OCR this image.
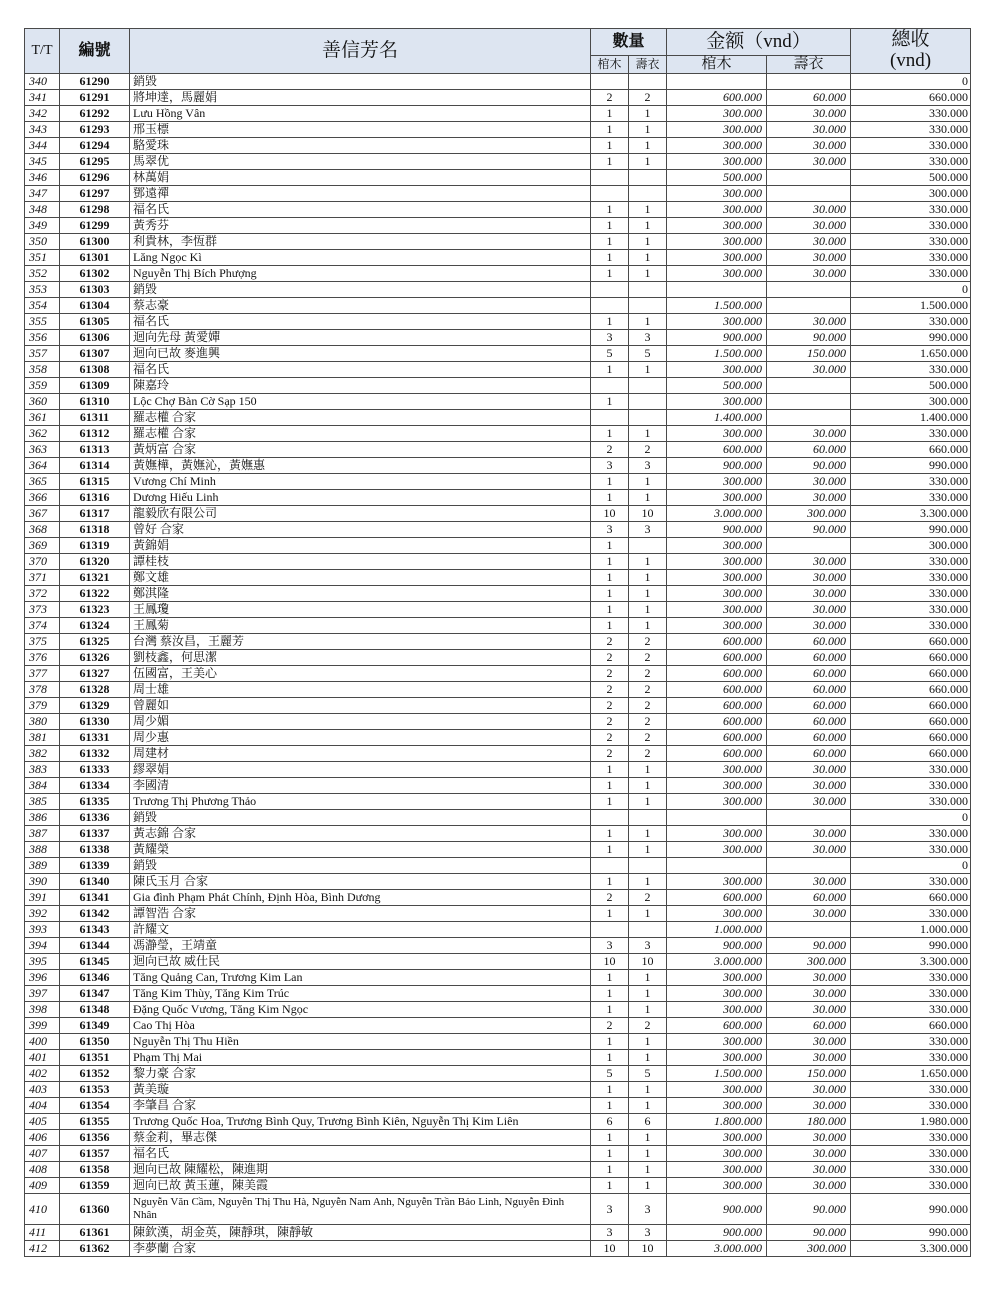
T/T	編號	善信芳名	數量		金额（vnd）		總收
(vnd)
			棺木	壽衣	棺木	壽衣	
340	61290	銷毀					0
341	61291	將坤達，馬麗娟	2	2	600.000	60.000	660.000
342	61292	Lưu Hồng Vân	1	1	300.000	30.000	330.000
343	61293	邢玉標	1	1	300.000	30.000	330.000
344	61294	駱愛珠	1	1	300.000	30.000	330.000
345	61295	馬翠优	1	1	300.000	30.000	330.000
346	61296	林萬娟			500.000		500.000
347	61297	鄧遠禪			300.000		300.000
348	61298	福名氏	1	1	300.000	30.000	330.000
349	61299	黃秀芬	1	1	300.000	30.000	330.000
350	61300	利貴林，李恆群	1	1	300.000	30.000	330.000
351	61301	Lăng Ngọc Kì	1	1	300.000	30.000	330.000
352	61302	Nguyễn Thị Bích Phượng	1	1	300.000	30.000	330.000
353	61303	銷毀					0
354	61304	蔡志豪			1.500.000		1.500.000
355	61305	福名氏	1	1	300.000	30.000	330.000
356	61306	迴向先母 黃愛嬋	3	3	900.000	90.000	990.000
357	61307	迴向已故 麥進興	5	5	1.500.000	150.000	1.650.000
358	61308	福名氏	1	1	300.000	30.000	330.000
359	61309	陳嘉玲			500.000		500.000
360	61310	Lộc Chợ Bàn Cờ Sạp 150	1		300.000		300.000
361	61311	羅志權 合家			1.400.000		1.400.000
362	61312	羅志權 合家	1	1	300.000	30.000	330.000
363	61313	黃炳富 合家	2	2	600.000	60.000	660.000
364	61314	黃嫵樺，黃嫵沁，黃嫵惠	3	3	900.000	90.000	990.000
365	61315	Vương Chí Minh	1	1	300.000	30.000	330.000
366	61316	Dương Hiếu Linh	1	1	300.000	30.000	330.000
367	61317	龍毅欣有限公司	10	10	3.000.000	300.000	3.300.000
368	61318	曾好 合家	3	3	900.000	90.000	990.000
369	61319	黃錦娟	1		300.000		300.000
370	61320	譚桂枝	1	1	300.000	30.000	330.000
371	61321	鄭文雄	1	1	300.000	30.000	330.000
372	61322	鄭淇隆	1	1	300.000	30.000	330.000
373	61323	王鳳瓊	1	1	300.000	30.000	330.000
374	61324	王鳳菊	1	1	300.000	30.000	330.000
375	61325	台灣 蔡汝昌，王麗芳	2	2	600.000	60.000	660.000
376	61326	劉枝鑫，何思潔	2	2	600.000	60.000	660.000
377	61327	伍國富，王美心	2	2	600.000	60.000	660.000
378	61328	周士雄	2	2	600.000	60.000	660.000
379	61329	曾麗如	2	2	600.000	60.000	660.000
380	61330	周少媚	2	2	600.000	60.000	660.000
381	61331	周少惠	2	2	600.000	60.000	660.000
382	61332	周建材	2	2	600.000	60.000	660.000
383	61333	繆翠娟	1	1	300.000	30.000	330.000
384	61334	李國清	1	1	300.000	30.000	330.000
385	61335	Trương Thị Phương Thảo	1	1	300.000	30.000	330.000
386	61336	銷毀					0
387	61337	黃志錦 合家	1	1	300.000	30.000	330.000
388	61338	黃耀榮	1	1	300.000	30.000	330.000
389	61339	銷毀					0
390	61340	陳氏玉月 合家	1	1	300.000	30.000	330.000
391	61341	Gia đình Phạm Phát Chính, Định Hòa, Bình Dương	2	2	600.000	60.000	660.000
392	61342	譚智浩 合家	1	1	300.000	30.000	330.000
393	61343	許耀文			1.000.000		1.000.000
394	61344	馮瀞瑩，王靖童	3	3	900.000	90.000	990.000
395	61345	迴向已故 威仕民	10	10	3.000.000	300.000	3.300.000
396	61346	Tăng Quảng Can, Trương Kim Lan	1	1	300.000	30.000	330.000
397	61347	Tăng Kim Thùy, Tăng Kim Trúc	1	1	300.000	30.000	330.000
398	61348	Đặng Quốc Vương, Tăng Kim Ngọc	1	1	300.000	30.000	330.000
399	61349	Cao Thị Hòa	2	2	600.000	60.000	660.000
400	61350	Nguyễn Thị Thu Hiền	1	1	300.000	30.000	330.000
401	61351	Phạm Thị Mai	1	1	300.000	30.000	330.000
402	61352	黎力豪 合家	5	5	1.500.000	150.000	1.650.000
403	61353	黃美璇	1	1	300.000	30.000	330.000
404	61354	李肇昌 合家	1	1	300.000	30.000	330.000
405	61355	Trương Quốc Hoa, Trương Bình Quy, Trương Bình Kiên, Nguyễn Thị Kim Liên	6	6	1.800.000	180.000	1.980.000
406	61356	蔡金莉，畢志傑	1	1	300.000	30.000	330.000
407	61357	福名氏	1	1	300.000	30.000	330.000
408	61358	迴向已故 陳耀松，陳進期	1	1	300.000	30.000	330.000
409	61359	迴向已故 黃玉蓮，陳美霞	1	1	300.000	30.000	330.000
410	61360	Nguyễn Văn Cầm, Nguyễn Thị Thu Hà, Nguyễn Nam Anh, Nguyễn Trần Bảo Linh, Nguyễn Đình Nhân	3	3	900.000	90.000	990.000
411	61361	陳欽漢，胡金英，陳靜琪，陳靜敏	3	3	900.000	90.000	990.000
412	61362	李夢蘭 合家	10	10	3.000.000	300.000	3.300.000
